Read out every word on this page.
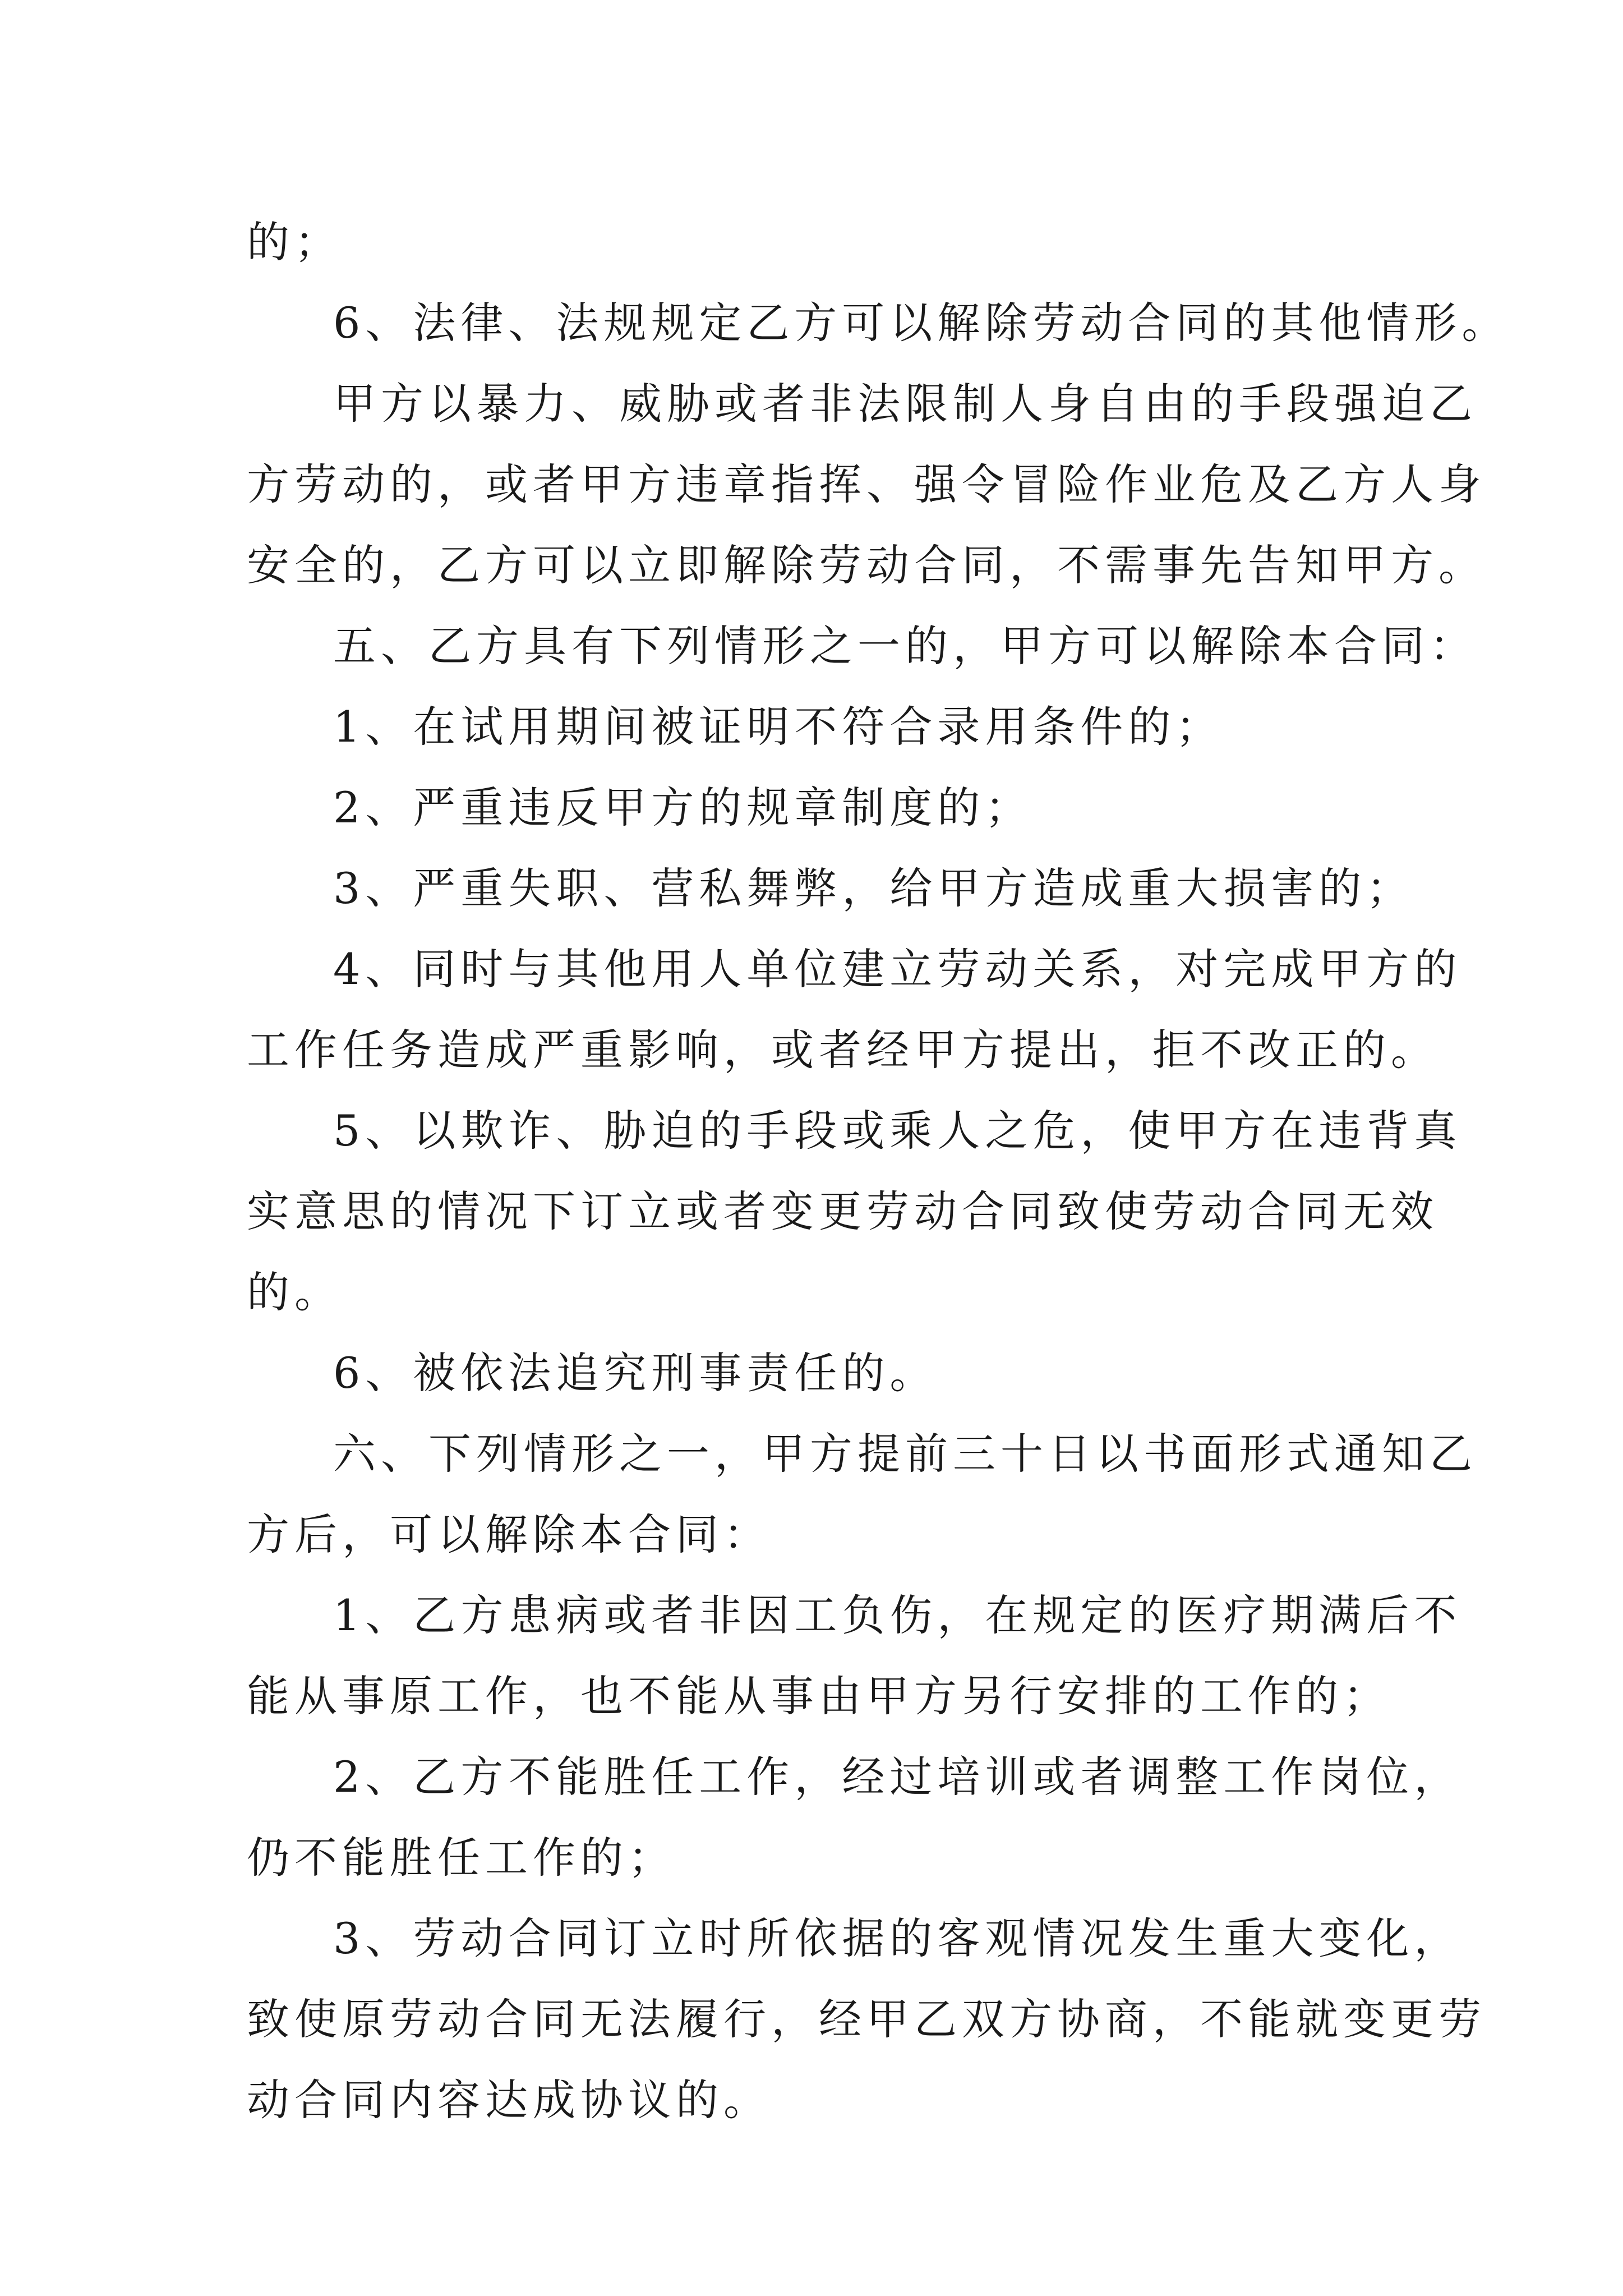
的；
6、法律、法规规定乙方可以解除劳动合同的其他情形。
甲方以暴力、威胁或者非法限制人身自由的手段强迫乙
方劳动的，或者甲方违章指挥、强令冒险作业危及乙方人身
安全的，乙方可以立即解除劳动合同，不需事先告知甲方。
五、乙方具有下列情形之一的，甲方可以解除本合同：
1、在试用期间被证明不符合录用条件的；
2、严重违反甲方的规章制度的；
3、严重失职、营私舞弊，给甲方造成重大损害的；
4、同时与其他用人单位建立劳动关系，对完成甲方的
工作任务造成严重影响，或者经甲方提出，拒不改正的。
5、以欺诈、胁迫的手段或乘人之危，使甲方在违背真
实意思的情况下订立或者变更劳动合同致使劳动合同无效
的。
6、被依法追究刑事责任的。
六、下列情形之一，甲方提前三十日以书面形式通知乙
方后，可以解除本合同：
1、乙方患病或者非因工负伤，在规定的医疗期满后不
能从事原工作，也不能从事由甲方另行安排的工作的；
2、乙方不能胜任工作，经过培训或者调整工作岗位，
仍不能胜任工作的；
3、劳动合同订立时所依据的客观情况发生重大变化，
致使原劳动合同无法履行，经甲乙双方协商，不能就变更劳
动合同内容达成协议的。
